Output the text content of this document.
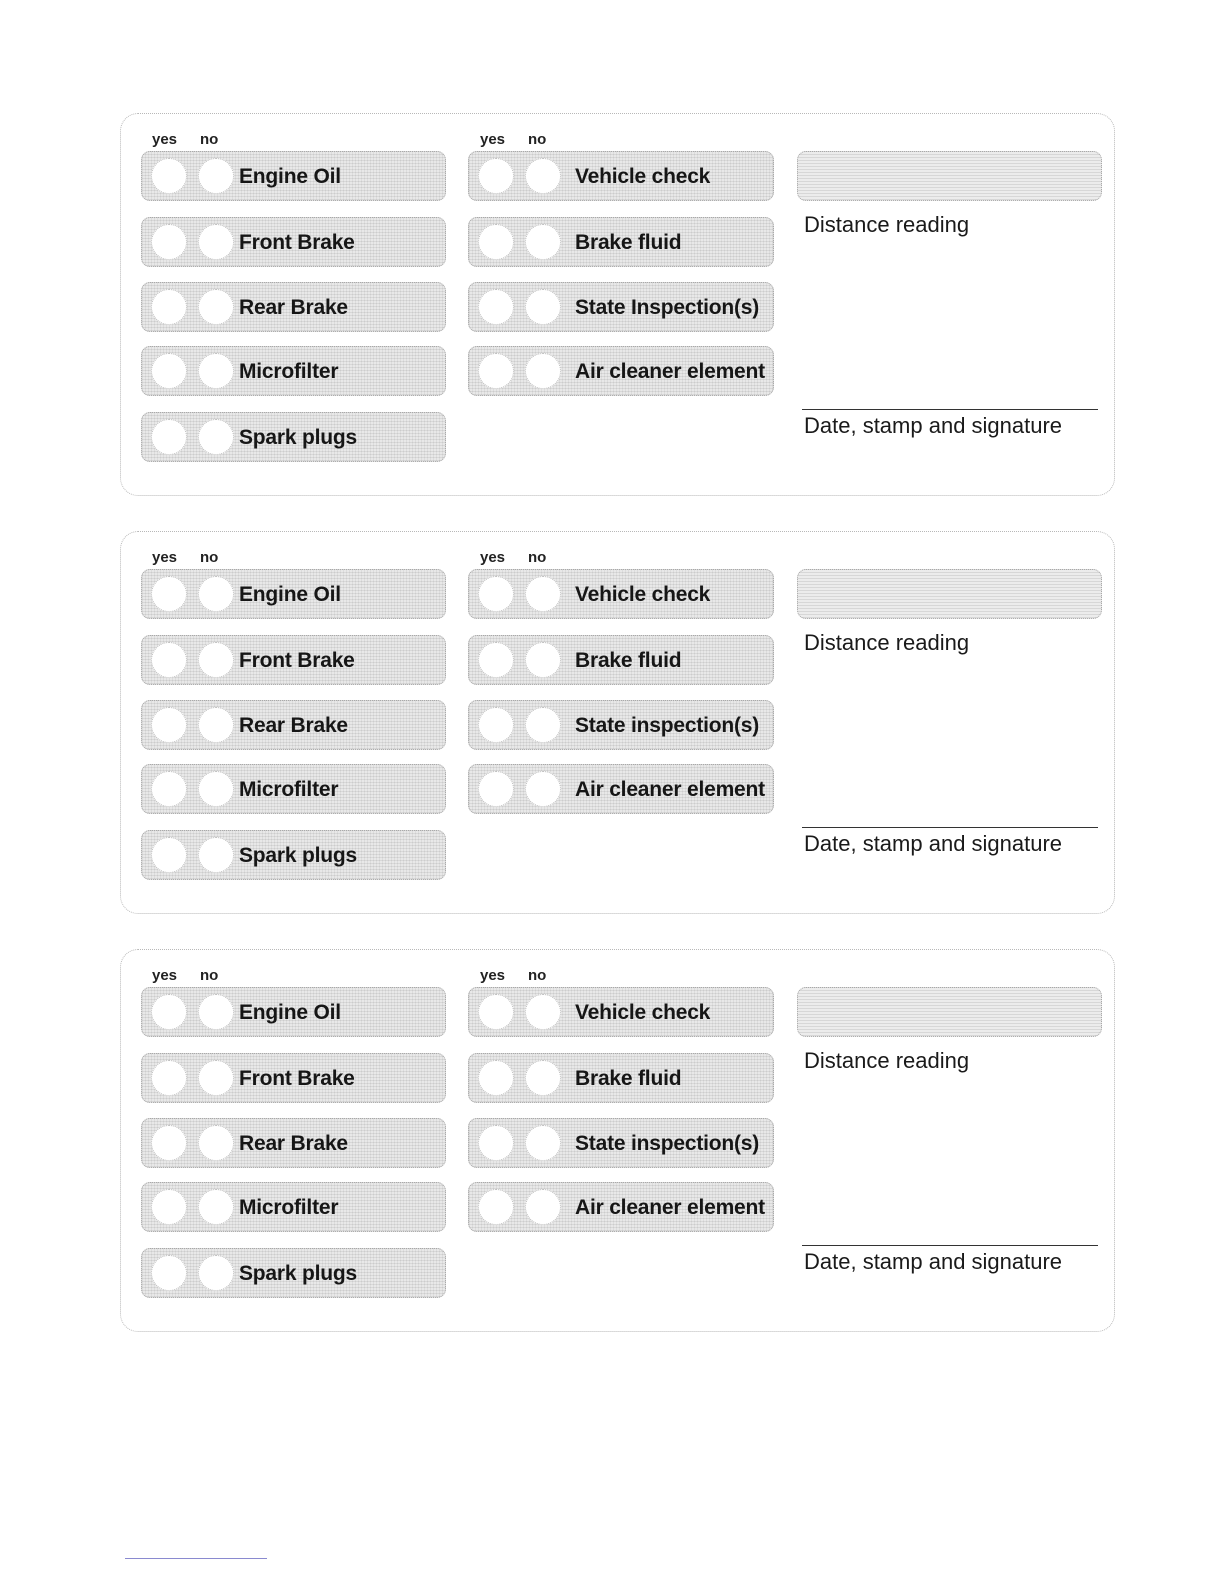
yes no	yes no
Engine Oil
Front Brake
Rear Brake
Microfilter
Spark plugs
Vehicle check
Brake fluid
State Inspection(s)
Air cleaner element
Distance reading
Date, stamp and signature
yes no	yes no
Engine Oil
Front Brake
Rear Brake
Microfilter
Spark plugs
Vehicle check
Brake fluid
State inspection(s)
Air cleaner element
Distance reading
Date, stamp and signature
yes no	yes no
Engine Oil
Front Brake
Rear Brake
Microfilter
Spark plugs
Vehicle check
Brake fluid
State inspection(s)
Air cleaner element
Distance reading
Date, stamp and signature
